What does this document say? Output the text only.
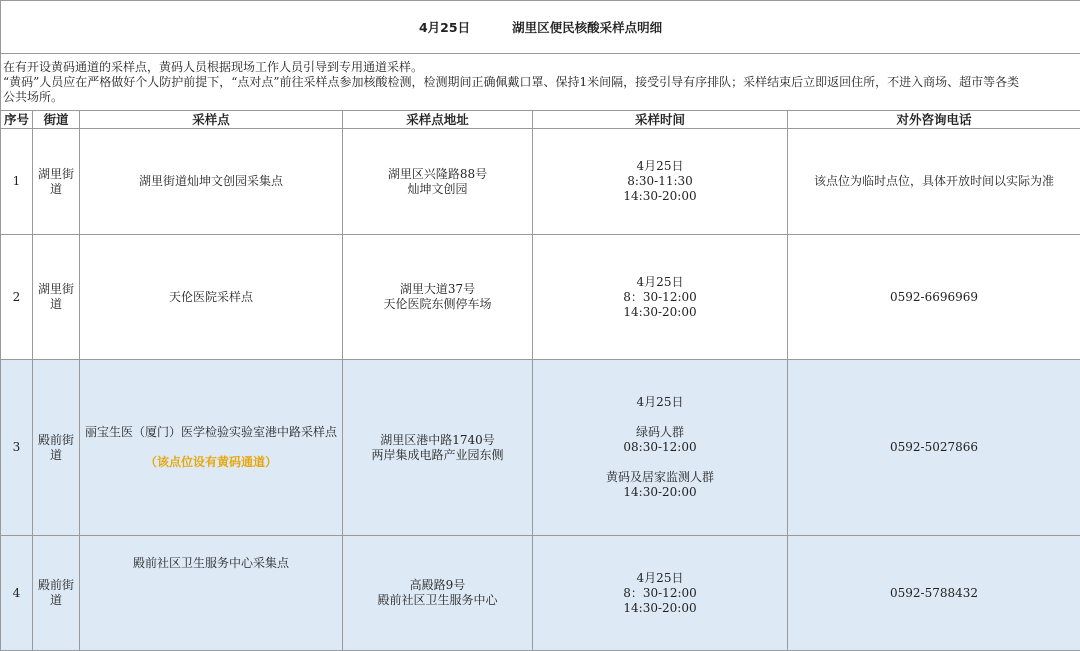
4月25日 湖里区便民核酸采样点明细					

在有开设黄码通道的采样点，黄码人员根据现场工作人员引导到专用通道采样。
“黄码”人员应在严格做好个人防护前提下，“点对点”前往采样点参加核酸检测，检测期间正确佩戴口罩、保持1米间隔，接受引导有序排队；采样结束后立即返回住所，不进入商场、超市等各类
公共场所。					

序号	街道	采样点	采样点地址	采样时间	对外咨询电话
1	湖里街
道	湖里街道灿坤文创园采集点	湖里区兴隆路88号
灿坤文创园	4月25日
8:30-11:30
14:30-20:00	该点位为临时点位，具体开放时间以实际为准
2	湖里街
道	天伦医院采样点	湖里大道37号
天伦医院东侧停车场	4月25日
8：30-12:00
14:30-20:00	0592-6696969
3	殿前街
道	丽宝生医（厦门）医学检验实验室港中路采样点
（该点位设有黄码通道）	湖里区港中路1740号
两岸集成电路产业园东侧	4月25日
绿码人群
08:30-12:00
黄码及居家监测人群
14:30-20:00	0592-5027866
4	殿前街
道	殿前社区卫生服务中心采集点	高殿路9号
殿前社区卫生服务中心	4月25日
8：30-12:00
14:30-20:00	0592-5788432
